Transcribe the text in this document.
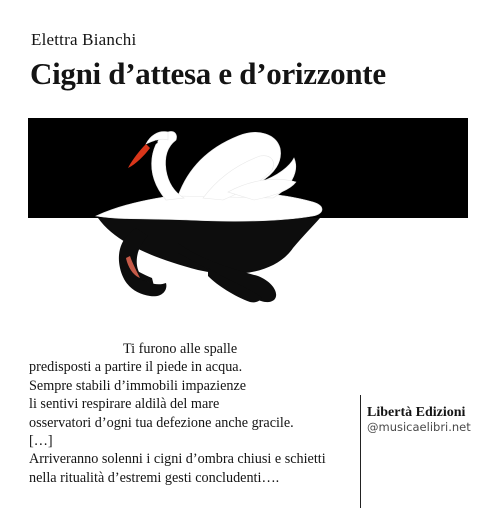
Elettra Bianchi
Cigni d’attesa e d’orizzonte
Ti furono alle spalle
predisposti a partire il piede in acqua.
Sempre stabili d’immobili impazienze
li sentivi respirare aldilà del mare
osservatori d’ogni tua defezione anche gracile.
[…]
Arriveranno solenni i cigni d’ombra chiusi e schietti
nella ritualità d’estremi gesti concludenti….
Libertà Edizioni
@musicaelibri.net
